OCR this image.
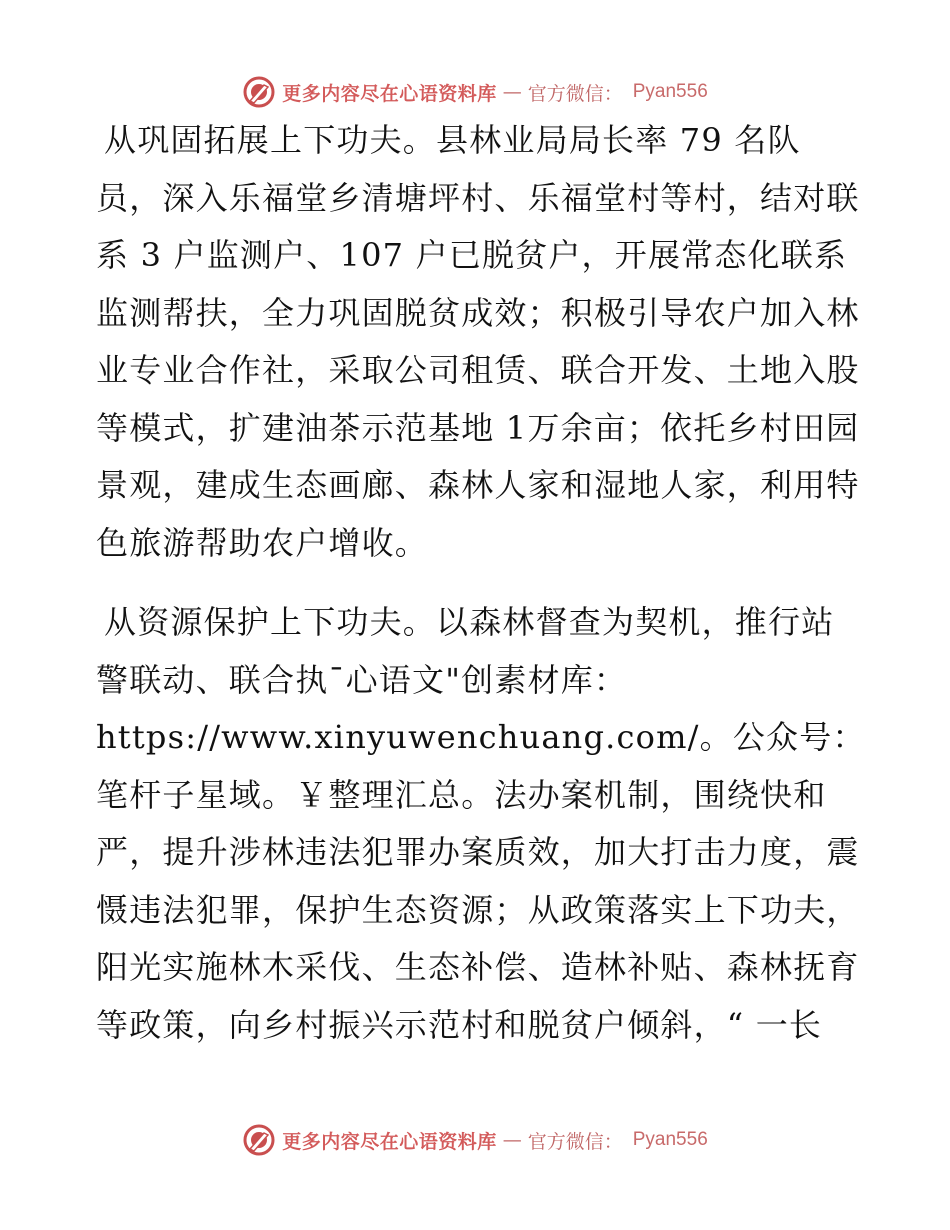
更多内容尽在心语资料库 — 官方微信： Pyan556

从巩固拓展上下功夫。县林业局局长率 79 名队员，深入乐福堂乡清塘坪村、乐福堂村等村，结对联系 3 户监测户、107 户已脱贫户，开展常态化联系监测帮扶，全力巩固脱贫成效；积极引导农户加入林业专业合作社，采取公司租赁、联合开发、土地入股等模式，扩建油茶示范基地 1万余亩；依托乡村田园景观，建成生态画廊、森林人家和湿地人家，利用特色旅游帮助农户增收。

从资源保护上下功夫。以森林督查为契机，推行站警联动、联合执¯心语文"创素材库：https://www.xinyuwenchuang.com/。公众号：笔杆子星域。￥整理汇总。法办案机制，围绕快和严，提升涉林违法犯罪办案质效，加大打击力度，震慑违法犯罪，保护生态资源；从政策落实上下功夫，阳光实施林木采伐、生态补偿、造林补贴、森林抚育等政策，向乡村振兴示范村和脱贫户倾斜，“ 一长

更多内容尽在心语资料库 — 官方微信： Pyan556
